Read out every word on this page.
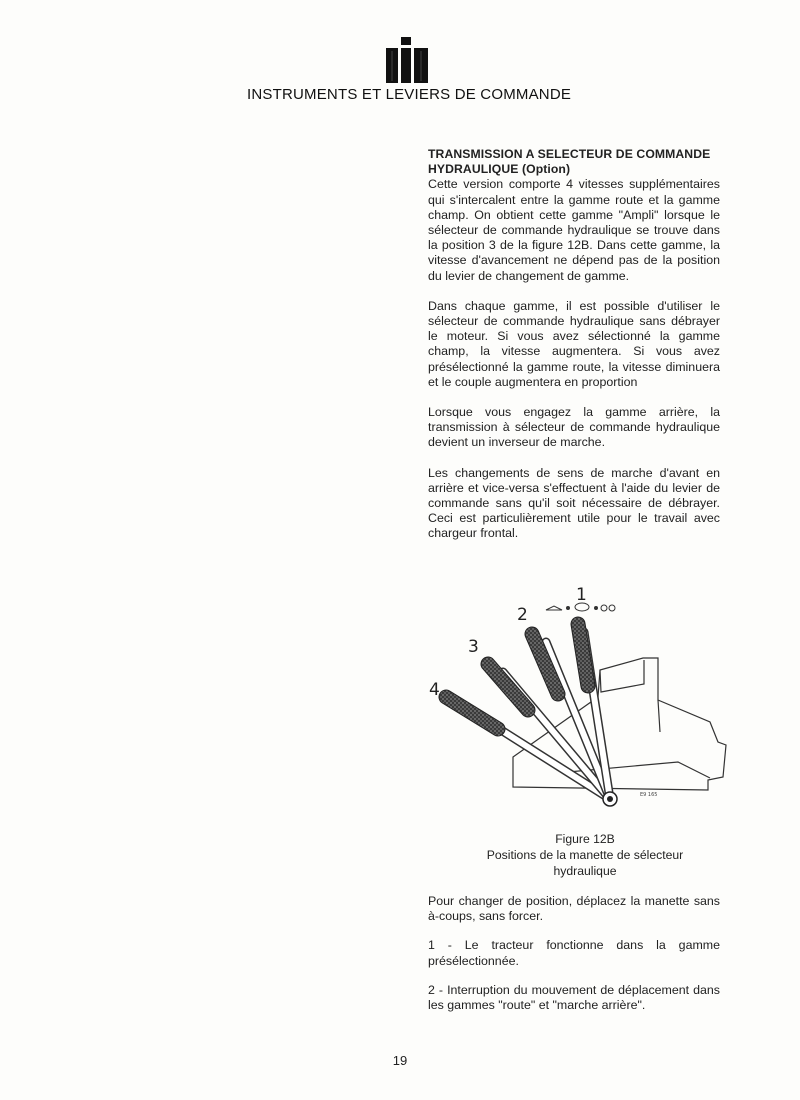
INSTRUMENTS ET LEVIERS DE COMMANDE

TRANSMISSION A SELECTEUR DE COMMANDE HYDRAULIQUE (Option)

Cette version comporte 4 vitesses supplémentaires qui s'intercalent entre la gamme route et la gamme champ. On obtient cette gamme "Ampli" lorsque le sélecteur de commande hydraulique se trouve dans la position 3 de la figure 12B. Dans cette gamme, la vitesse d'avancement ne dépend pas de la position du levier de changement de gamme.

Dans chaque gamme, il est possible d'utiliser le sélecteur de commande hydraulique sans débrayer le moteur. Si vous avez sélectionné la gamme champ, la vitesse augmentera. Si vous avez présélectionné la gamme route, la vitesse diminuera et le couple augmentera en proportion

Lorsque vous engagez la gamme arrière, la transmission à sélecteur de commande hydraulique devient un inverseur de marche.

Les changements de sens de marche d'avant en arrière et vice-versa s'effectuent à l'aide du levier de commande sans qu'il soit nécessaire de débrayer. Ceci est particulièrement utile pour le travail avec chargeur frontal.

1
2
3
4
E9 165
Figure 12B
Positions de la manette de sélecteur hydraulique

Pour changer de position, déplacez la manette sans à-coups, sans forcer.

1 - Le tracteur fonctionne dans la gamme présélectionnée.

2 - Interruption du mouvement de déplacement dans les gammes "route" et "marche arrière".

19
